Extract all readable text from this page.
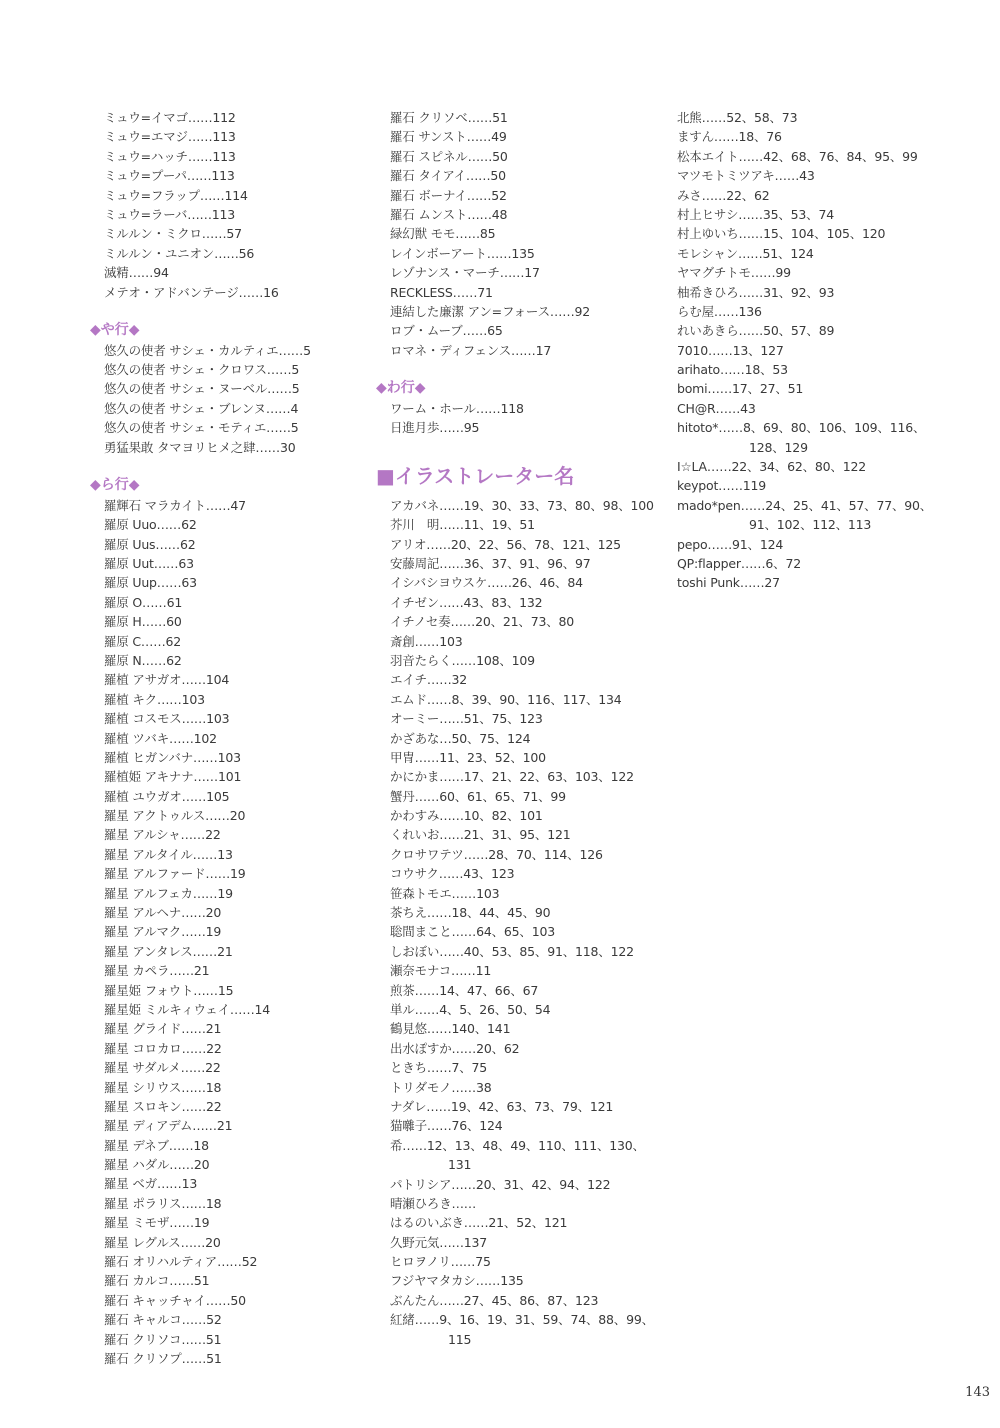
ミュウ=イマゴ……112
ミュウ=エマジ……113
ミュウ=ハッチ……113
ミュウ=プーパ……113
ミュウ=フラップ……114
ミュウ=ラーバ……113
ミルルン・ミクロ……57
ミルルン・ユニオン……56
滅精……94
メテオ・アドバンテージ……16
◆や行◆
悠久の使者 サシェ・カルティエ……5
悠久の使者 サシェ・クロワス……5
悠久の使者 サシェ・ヌーベル……5
悠久の使者 サシェ・ブレンヌ……4
悠久の使者 サシェ・モティエ……5
勇猛果敢 タマヨリヒメ之肆……30
◆ら行◆
羅輝石 マラカイト……47
羅原 Uuo……62
羅原 Uus……62
羅原 Uut……63
羅原 Uup……63
羅原 O……61
羅原 H……60
羅原 C……62
羅原 N……62
羅植 アサガオ……104
羅植 キク……103
羅植 コスモス……103
羅植 ツバキ……102
羅植 ヒガンバナ……103
羅植姫 アキナナ……101
羅植 ユウガオ……105
羅星 アクトゥルス……20
羅星 アルシャ……22
羅星 アルタイル……13
羅星 アルファード……19
羅星 アルフェカ……19
羅星 アルヘナ……20
羅星 アルマク……19
羅星 アンタレス……21
羅星 カペラ……21
羅星姫 フォウト……15
羅星姫 ミルキィウェイ……14
羅星 グライド……21
羅星 コロカロ……22
羅星 サダルメ……22
羅星 シリウス……18
羅星 スロキン……22
羅星 ディアデム……21
羅星 デネブ……18
羅星 ハダル……20
羅星 ベガ……13
羅星 ポラリス……18
羅星 ミモザ……19
羅星 レグルス……20
羅石 オリハルティア……52
羅石 カルコ……51
羅石 キャッチャイ……50
羅石 キャルコ……52
羅石 クリソコ……51
羅石 クリソプ……51
羅石 クリソベ……51
羅石 サンスト……49
羅石 スピネル……50
羅石 タイアイ……50
羅石 ボーナイ……52
羅石 ムンスト……48
緑幻獣 モモ……85
レインボーアート……135
レゾナンス・マーチ……17
RECKLESS……71
連結した廉潔 アン=フォース……92
ロブ・ムーブ……65
ロマネ・ディフェンス……17
◆わ行◆
ワーム・ホール……118
日進月歩……95
■イラストレーター名
アカバネ……19、30、33、73、80、98、100
芥川　明……11、19、51
アリオ……20、22、56、78、121、125
安藤周記……36、37、91、96、97
イシバシヨウスケ……26、46、84
イチゼン……43、83、132
イチノセ奏……20、21、73、80
斎創……103
羽音たらく……108、109
エイチ……32
エムド……8、39、90、116、117、134
オーミー……51、75、123
かざあな…50、75、124
甲冑……11、23、52、100
かにかま……17、21、22、63、103、122
蟹丹……60、61、65、71、99
かわすみ……10、82、101
くれいお……21、31、95、121
クロサワテツ……28、70、114、126
コウサク……43、123
笹森トモエ……103
茶ちえ……18、44、45、90
聡間まこと……64、65、103
しおぼい……40、53、85、91、118、122
瀬奈モナコ……11
煎茶……14、47、66、67
単ル……4、5、26、50、54
鶴見悠……140、141
出水ぽすか……20、62
ときち……7、75
トリダモノ……38
ナダレ……19、42、63、73、79、121
猫囃子……76、124
希……12、13、48、49、110、111、130、
131
パトリシア……20、31、42、94、122
晴瀬ひろき……
はるのいぶき……21、52、121
久野元気……137
ヒロヲノリ……75
フジヤマタカシ……135
ぶんたん……27、45、86、87、123
紅緒……9、16、19、31、59、74、88、99、
115
北熊……52、58、73
ますん……18、76
松本エイト……42、68、76、84、95、99
マツモトミツアキ……43
みさ……22、62
村上ヒサシ……35、53、74
村上ゆいち……15、104、105、120
モレシャン……51、124
ヤマグチトモ……99
柚希きひろ……31、92、93
らむ屋……136
れいあきら……50、57、89
7010……13、127
arihato……18、53
bomi……17、27、51
CH@R……43
hitoto*……8、69、80、106、109、116、
128、129
I☆LA……22、34、62、80、122
keypot……119
mado*pen……24、25、41、57、77、90、
91、102、112、113
pepo……91、124
QP:flapper……6、72
toshi Punk……27
143
